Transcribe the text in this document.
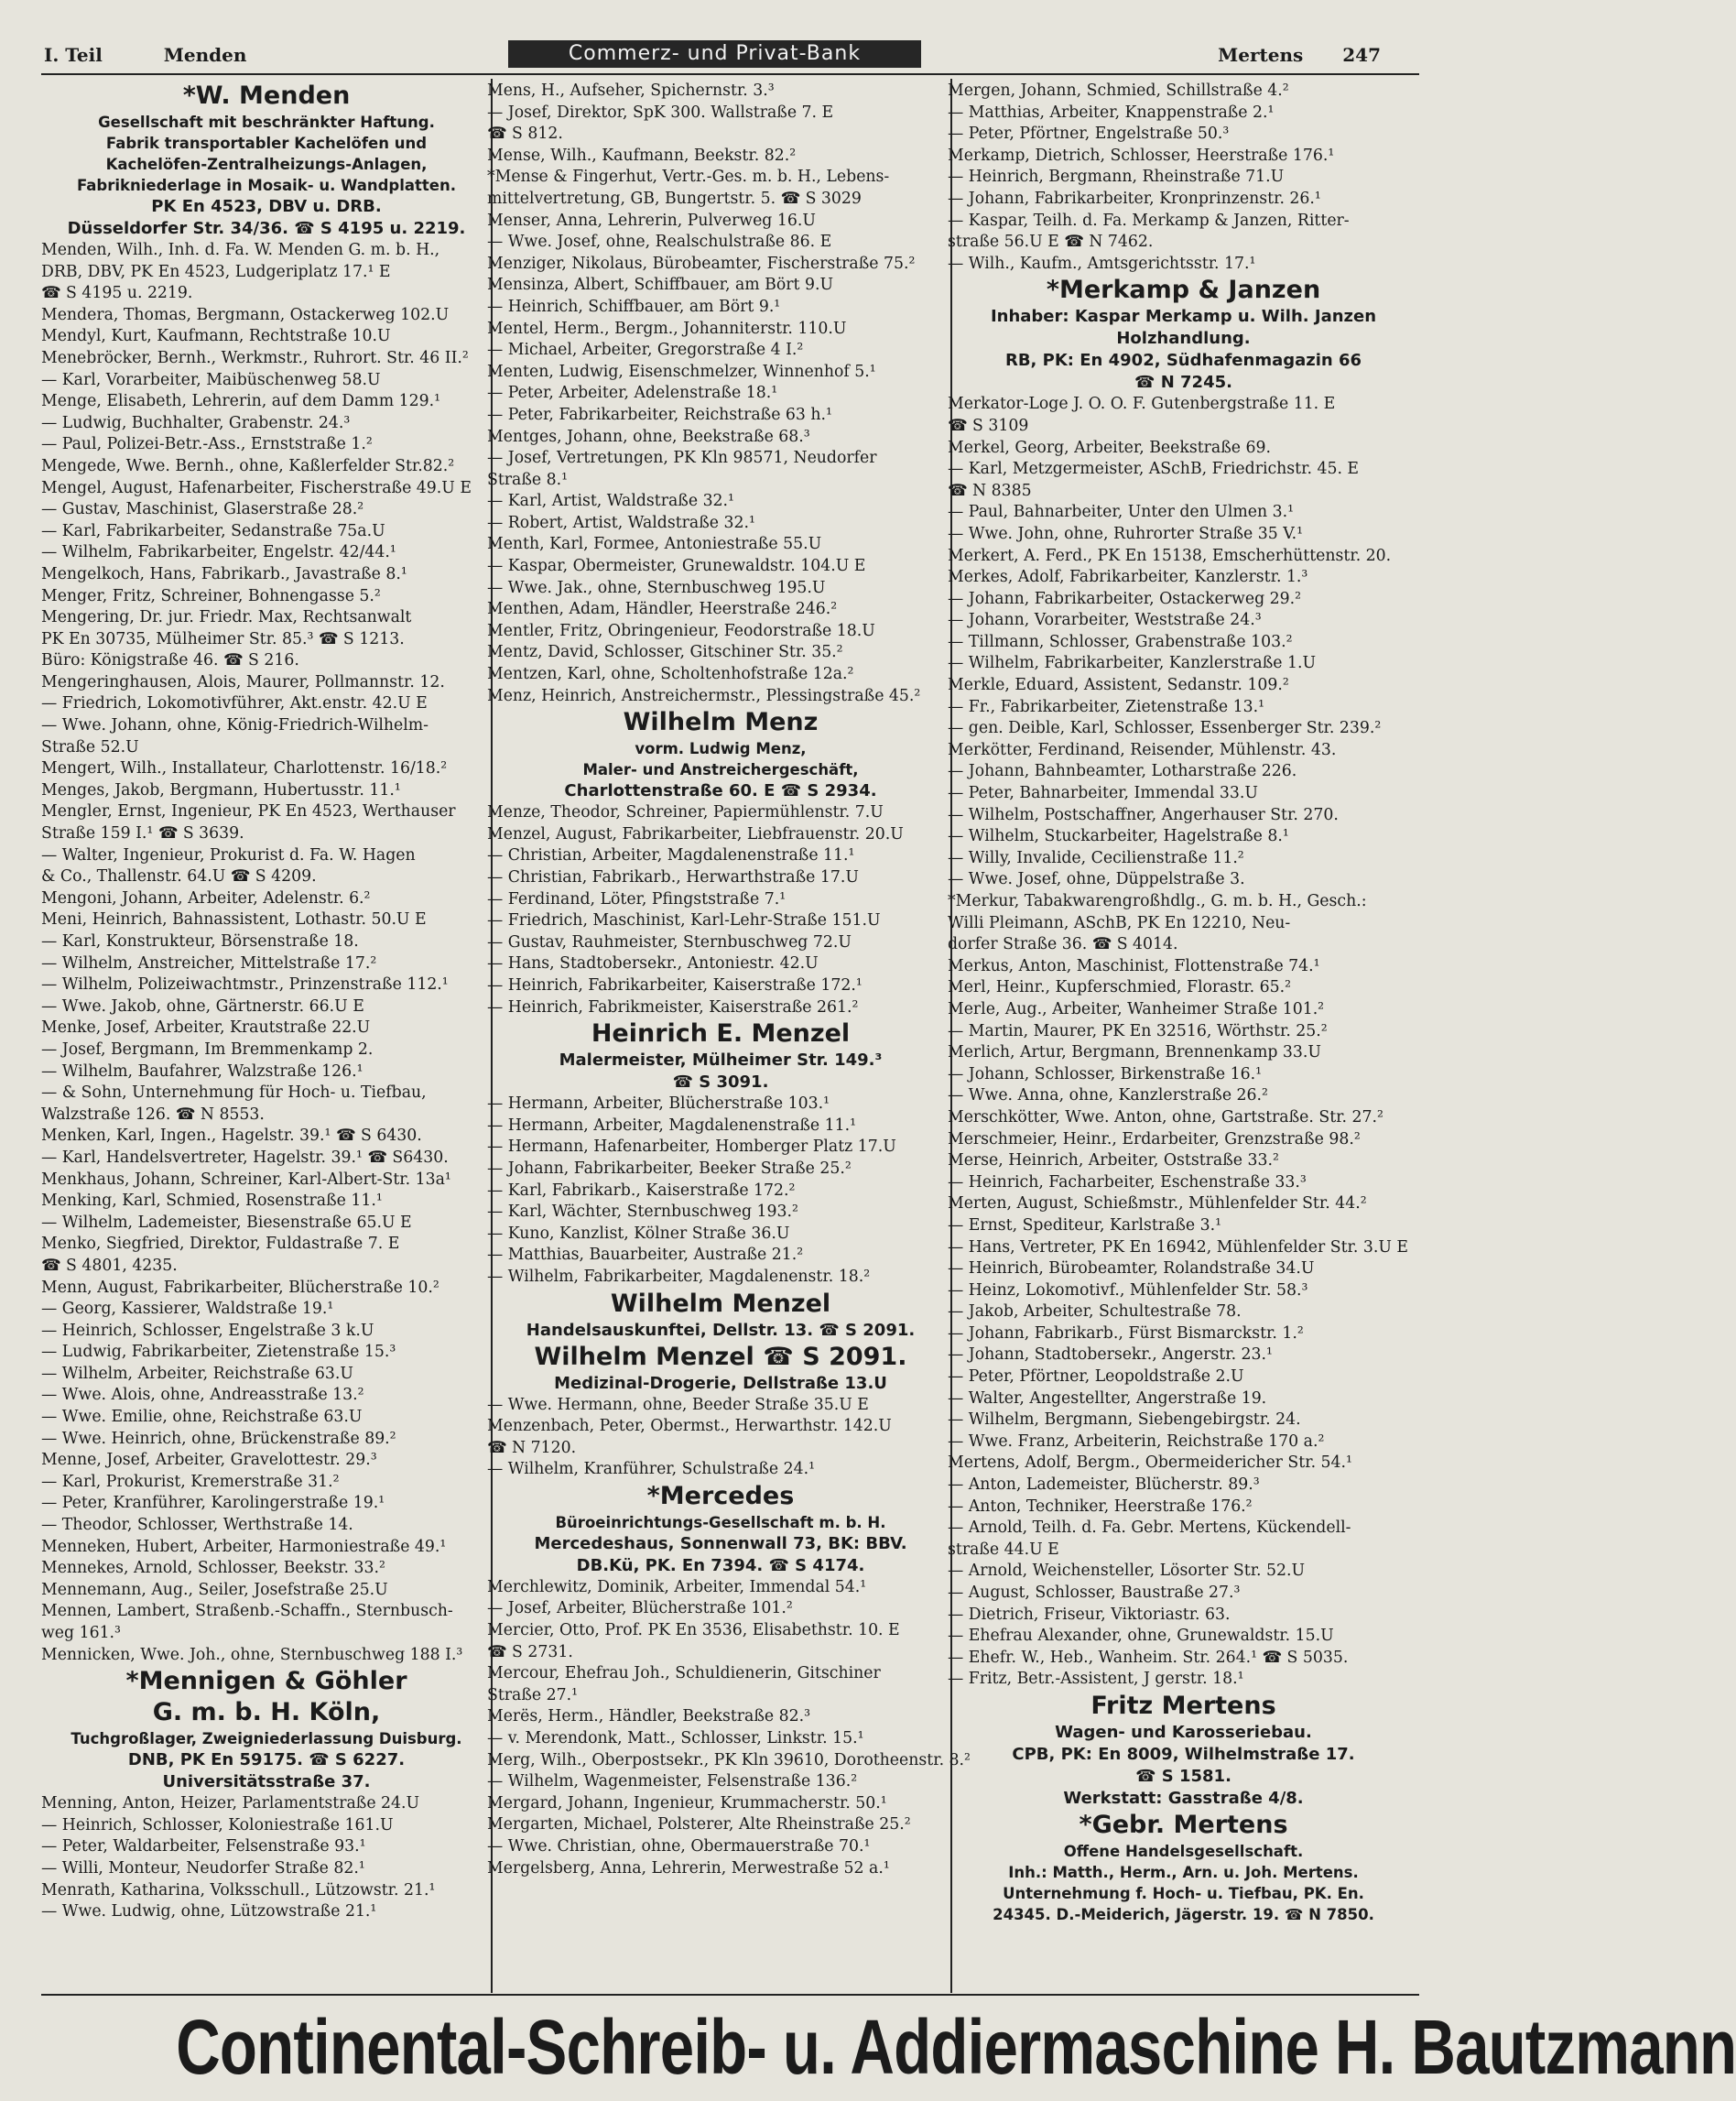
I. Teil	Menden	Mertens 247
Commerz- und Privat-Bank
*W. Menden
Gesellschaft mit beschränkter Haftung.
Fabrik transportabler Kachelöfen und
Kachelöfen-Zentralheizungs-Anlagen,
Fabrikniederlage in Mosaik- u. Wandplatten.
PK En 4523, DBV u. DRB.
Düsseldorfer Str. 34/36. ☎ S 4195 u. 2219.
Menden, Wilh., Inh. d. Fa. W. Menden G. m. b. H.,
DRB, DBV, PK En 4523, Ludgeriplatz 17.¹ E
☎ S 4195 u. 2219.
Mendera, Thomas, Bergmann, Ostackerweg 102.U
Mendyl, Kurt, Kaufmann, Rechtstraße 10.U
Menebröcker, Bernh., Werkmstr., Ruhrort. Str. 46 II.²
— Karl, Vorarbeiter, Maibüschenweg 58.U
Menge, Elisabeth, Lehrerin, auf dem Damm 129.¹
— Ludwig, Buchhalter, Grabenstr. 24.³
— Paul, Polizei-Betr.-Ass., Ernststraße 1.²
Mengede, Wwe. Bernh., ohne, Kaßlerfelder Str.82.²
Mengel, August, Hafenarbeiter, Fischerstraße 49.U E
— Gustav, Maschinist, Glaserstraße 28.²
— Karl, Fabrikarbeiter, Sedanstraße 75a.U
— Wilhelm, Fabrikarbeiter, Engelstr. 42/44.¹
Mengelkoch, Hans, Fabrikarb., Javastraße 8.¹
Menger, Fritz, Schreiner, Bohnengasse 5.²
Mengering, Dr. jur. Friedr. Max, Rechtsanwalt
PK En 30735, Mülheimer Str. 85.³ ☎ S 1213.
Büro: Königstraße 46. ☎ S 216.
Mengeringhausen, Alois, Maurer, Pollmannstr. 12.
— Friedrich, Lokomotivführer, Akt.enstr. 42.U E
— Wwe. Johann, ohne, König-Friedrich-Wilhelm-
Straße 52.U
Mengert, Wilh., Installateur, Charlottenstr. 16/18.²
Menges, Jakob, Bergmann, Hubertusstr. 11.¹
Mengler, Ernst, Ingenieur, PK En 4523, Werthauser
Straße 159 I.¹ ☎ S 3639.
— Walter, Ingenieur, Prokurist d. Fa. W. Hagen
& Co., Thallenstr. 64.U ☎ S 4209.
Mengoni, Johann, Arbeiter, Adelenstr. 6.²
Meni, Heinrich, Bahnassistent, Lothastr. 50.U E
— Karl, Konstrukteur, Börsenstraße 18.
— Wilhelm, Anstreicher, Mittelstraße 17.²
— Wilhelm, Polizeiwachtmstr., Prinzenstraße 112.¹
— Wwe. Jakob, ohne, Gärtnerstr. 66.U E
Menke, Josef, Arbeiter, Krautstraße 22.U
— Josef, Bergmann, Im Bremmenkamp 2.
— Wilhelm, Baufahrer, Walzstraße 126.¹
— & Sohn, Unternehmung für Hoch- u. Tiefbau,
Walzstraße 126. ☎ N 8553.
Menken, Karl, Ingen., Hagelstr. 39.¹ ☎ S 6430.
— Karl, Handelsvertreter, Hagelstr. 39.¹ ☎ S6430.
Menkhaus, Johann, Schreiner, Karl-Albert-Str. 13a¹
Menking, Karl, Schmied, Rosenstraße 11.¹
— Wilhelm, Lademeister, Biesenstraße 65.U E
Menko, Siegfried, Direktor, Fuldastraße 7. E
☎ S 4801, 4235.
Menn, August, Fabrikarbeiter, Blücherstraße 10.²
— Georg, Kassierer, Waldstraße 19.¹
— Heinrich, Schlosser, Engelstraße 3 k.U
— Ludwig, Fabrikarbeiter, Zietenstraße 15.³
— Wilhelm, Arbeiter, Reichstraße 63.U
— Wwe. Alois, ohne, Andreasstraße 13.²
— Wwe. Emilie, ohne, Reichstraße 63.U
— Wwe. Heinrich, ohne, Brückenstraße 89.²
Menne, Josef, Arbeiter, Gravelottestr. 29.³
— Karl, Prokurist, Kremerstraße 31.²
— Peter, Kranführer, Karolingerstraße 19.¹
— Theodor, Schlosser, Werthstraße 14.
Menneken, Hubert, Arbeiter, Harmoniestraße 49.¹
Mennekes, Arnold, Schlosser, Beekstr. 33.²
Mennemann, Aug., Seiler, Josefstraße 25.U
Mennen, Lambert, Straßenb.-Schaffn., Sternbusch-
weg 161.³
Mennicken, Wwe. Joh., ohne, Sternbuschweg 188 I.³
*Mennigen & Göhler
G. m. b. H. Köln,
Tuchgroßlager, Zweigniederlassung Duisburg.
DNB, PK En 59175. ☎ S 6227.
Universitätsstraße 37.
Menning, Anton, Heizer, Parlamentstraße 24.U
— Heinrich, Schlosser, Koloniestraße 161.U
— Peter, Waldarbeiter, Felsenstraße 93.¹
— Willi, Monteur, Neudorfer Straße 82.¹
Menrath, Katharina, Volksschull., Lützowstr. 21.¹
— Wwe. Ludwig, ohne, Lützowstraße 21.¹
Mens, H., Aufseher, Spichernstr. 3.³
— Josef, Direktor, SpK 300. Wallstraße 7. E
☎ S 812.
Mense, Wilh., Kaufmann, Beekstr. 82.²
*Mense & Fingerhut, Vertr.-Ges. m. b. H., Lebens-
mittelvertretung, GB, Bungertstr. 5. ☎ S 3029
Menser, Anna, Lehrerin, Pulverweg 16.U
— Wwe. Josef, ohne, Realschulstraße 86. E
Menziger, Nikolaus, Bürobeamter, Fischerstraße 75.²
Mensinza, Albert, Schiffbauer, am Bört 9.U
— Heinrich, Schiffbauer, am Bört 9.¹
Mentel, Herm., Bergm., Johanniterstr. 110.U
— Michael, Arbeiter, Gregorstraße 4 I.²
Menten, Ludwig, Eisenschmelzer, Winnenhof 5.¹
— Peter, Arbeiter, Adelenstraße 18.¹
— Peter, Fabrikarbeiter, Reichstraße 63 h.¹
Mentges, Johann, ohne, Beekstraße 68.³
— Josef, Vertretungen, PK Kln 98571, Neudorfer
Straße 8.¹
— Karl, Artist, Waldstraße 32.¹
— Robert, Artist, Waldstraße 32.¹
Menth, Karl, Formee, Antoniestraße 55.U
— Kaspar, Obermeister, Grunewaldstr. 104.U E
— Wwe. Jak., ohne, Sternbuschweg 195.U
Menthen, Adam, Händler, Heerstraße 246.²
Mentler, Fritz, Obringenieur, Feodorstraße 18.U
Mentz, David, Schlosser, Gitschiner Str. 35.²
Mentzen, Karl, ohne, Scholtenhofstraße 12a.²
Menz, Heinrich, Anstreichermstr., Plessingstraße 45.²
Wilhelm Menz
vorm. Ludwig Menz,
Maler- und Anstreichergeschäft,
Charlottenstraße 60. E ☎ S 2934.
Menze, Theodor, Schreiner, Papiermühlenstr. 7.U
Menzel, August, Fabrikarbeiter, Liebfrauenstr. 20.U
— Christian, Arbeiter, Magdalenenstraße 11.¹
— Christian, Fabrikarb., Herwarthstraße 17.U
— Ferdinand, Löter, Pfingststraße 7.¹
— Friedrich, Maschinist, Karl-Lehr-Straße 151.U
— Gustav, Rauhmeister, Sternbuschweg 72.U
— Hans, Stadtobersekr., Antoniestr. 42.U
— Heinrich, Fabrikarbeiter, Kaiserstraße 172.¹
— Heinrich, Fabrikmeister, Kaiserstraße 261.²
Heinrich E. Menzel
Malermeister, Mülheimer Str. 149.³
☎ S 3091.
— Hermann, Arbeiter, Blücherstraße 103.¹
— Hermann, Arbeiter, Magdalenenstraße 11.¹
— Hermann, Hafenarbeiter, Homberger Platz 17.U
— Johann, Fabrikarbeiter, Beeker Straße 25.²
— Karl, Fabrikarb., Kaiserstraße 172.²
— Karl, Wächter, Sternbuschweg 193.²
— Kuno, Kanzlist, Kölner Straße 36.U
— Matthias, Bauarbeiter, Austraße 21.²
— Wilhelm, Fabrikarbeiter, Magdalenenstr. 18.²
Wilhelm Menzel
Handelsauskunftei, Dellstr. 13. ☎ S 2091.
Wilhelm Menzel ☎ S 2091.
Medizinal-Drogerie, Dellstraße 13.U
— Wwe. Hermann, ohne, Beeder Straße 35.U E
Menzenbach, Peter, Obermst., Herwarthstr. 142.U
☎ N 7120.
— Wilhelm, Kranführer, Schulstraße 24.¹
*Mercedes
Büroeinrichtungs-Gesellschaft m. b. H.
Mercedeshaus, Sonnenwall 73, BK: BBV.
DB.Kü, PK. En 7394. ☎ S 4174.
Merchlewitz, Dominik, Arbeiter, Immendal 54.¹
— Josef, Arbeiter, Blücherstraße 101.²
Mercier, Otto, Prof. PK En 3536, Elisabethstr. 10. E
☎ S 2731.
Mercour, Ehefrau Joh., Schuldienerin, Gitschiner
Straße 27.¹
Merës, Herm., Händler, Beekstraße 82.³
— v. Merendonk, Matt., Schlosser, Linkstr. 15.¹
Merg, Wilh., Oberpostsekr., PK Kln 39610, Dorotheenstr. 8.²
— Wilhelm, Wagenmeister, Felsenstraße 136.²
Mergard, Johann, Ingenieur, Krummacherstr. 50.¹
Mergarten, Michael, Polsterer, Alte Rheinstraße 25.²
— Wwe. Christian, ohne, Obermauerstraße 70.¹
Mergelsberg, Anna, Lehrerin, Merwestraße 52 a.¹
Mergen, Johann, Schmied, Schillstraße 4.²
— Matthias, Arbeiter, Knappenstraße 2.¹
— Peter, Pförtner, Engelstraße 50.³
Merkamp, Dietrich, Schlosser, Heerstraße 176.¹
— Heinrich, Bergmann, Rheinstraße 71.U
— Johann, Fabrikarbeiter, Kronprinzenstr. 26.¹
— Kaspar, Teilh. d. Fa. Merkamp & Janzen, Ritter-
straße 56.U E ☎ N 7462.
— Wilh., Kaufm., Amtsgerichtsstr. 17.¹
*Merkamp & Janzen
Inhaber: Kaspar Merkamp u. Wilh. Janzen
Holzhandlung.
RB, PK: En 4902, Südhafenmagazin 66
☎ N 7245.
Merkator-Loge J. O. O. F. Gutenbergstraße 11. E
☎ S 3109
Merkel, Georg, Arbeiter, Beekstraße 69.
— Karl, Metzgermeister, ASchB, Friedrichstr. 45. E
☎ N 8385
— Paul, Bahnarbeiter, Unter den Ulmen 3.¹
— Wwe. John, ohne, Ruhrorter Straße 35 V.¹
Merkert, A. Ferd., PK En 15138, Emscherhüttenstr. 20.
Merkes, Adolf, Fabrikarbeiter, Kanzlerstr. 1.³
— Johann, Fabrikarbeiter, Ostackerweg 29.²
— Johann, Vorarbeiter, Weststraße 24.³
— Tillmann, Schlosser, Grabenstraße 103.²
— Wilhelm, Fabrikarbeiter, Kanzlerstraße 1.U
Merkle, Eduard, Assistent, Sedanstr. 109.²
— Fr., Fabrikarbeiter, Zietenstraße 13.¹
— gen. Deible, Karl, Schlosser, Essenberger Str. 239.²
Merkötter, Ferdinand, Reisender, Mühlenstr. 43.
— Johann, Bahnbeamter, Lotharstraße 226.
— Peter, Bahnarbeiter, Immendal 33.U
— Wilhelm, Postschaffner, Angerhauser Str. 270.
— Wilhelm, Stuckarbeiter, Hagelstraße 8.¹
— Willy, Invalide, Cecilienstraße 11.²
— Wwe. Josef, ohne, Düppelstraße 3.
*Merkur, Tabakwarengroßhdlg., G. m. b. H., Gesch.:
Willi Pleimann, ASchB, PK En 12210, Neu-
dorfer Straße 36. ☎ S 4014.
Merkus, Anton, Maschinist, Flottenstraße 74.¹
Merl, Heinr., Kupferschmied, Florastr. 65.²
Merle, Aug., Arbeiter, Wanheimer Straße 101.²
— Martin, Maurer, PK En 32516, Wörthstr. 25.²
Merlich, Artur, Bergmann, Brennenkamp 33.U
— Johann, Schlosser, Birkenstraße 16.¹
— Wwe. Anna, ohne, Kanzlerstraße 26.²
Merschkötter, Wwe. Anton, ohne, Gartstraße. Str. 27.²
Merschmeier, Heinr., Erdarbeiter, Grenzstraße 98.²
Merse, Heinrich, Arbeiter, Oststraße 33.²
— Heinrich, Facharbeiter, Eschenstraße 33.³
Merten, August, Schießmstr., Mühlenfelder Str. 44.²
— Ernst, Spediteur, Karlstraße 3.¹
— Hans, Vertreter, PK En 16942, Mühlenfelder Str. 3.U E
— Heinrich, Bürobeamter, Rolandstraße 34.U
— Heinz, Lokomotivf., Mühlenfelder Str. 58.³
— Jakob, Arbeiter, Schultestraße 78.
— Johann, Fabrikarb., Fürst Bismarckstr. 1.²
— Johann, Stadtobersekr., Angerstr. 23.¹
— Peter, Pförtner, Leopoldstraße 2.U
— Walter, Angestellter, Angerstraße 19.
— Wilhelm, Bergmann, Siebengebirgstr. 24.
— Wwe. Franz, Arbeiterin, Reichstraße 170 a.²
Mertens, Adolf, Bergm., Obermeidericher Str. 54.¹
— Anton, Lademeister, Blücherstr. 89.³
— Anton, Techniker, Heerstraße 176.²
— Arnold, Teilh. d. Fa. Gebr. Mertens, Kückendell-
straße 44.U E
— Arnold, Weichensteller, Lösorter Str. 52.U
— August, Schlosser, Baustraße 27.³
— Dietrich, Friseur, Viktoriastr. 63.
— Ehefrau Alexander, ohne, Grunewaldstr. 15.U
— Ehefr. W., Heb., Wanheim. Str. 264.¹ ☎ S 5035.
— Fritz, Betr.-Assistent, J gerstr. 18.¹
Fritz Mertens
Wagen- und Karosseriebau.
CPB, PK: En 8009, Wilhelmstraße 17.
☎ S 1581.
Werkstatt: Gasstraße 4/8.
*Gebr. Mertens
Offene Handelsgesellschaft.
Inh.: Matth., Herm., Arn. u. Joh. Mertens.
Unternehmung f. Hoch- u. Tiefbau, PK. En.
24345. D.-Meiderich, Jägerstr. 19. ☎ N 7850.
Continental-Schreib- u. Addiermaschine H. Bautzmann
